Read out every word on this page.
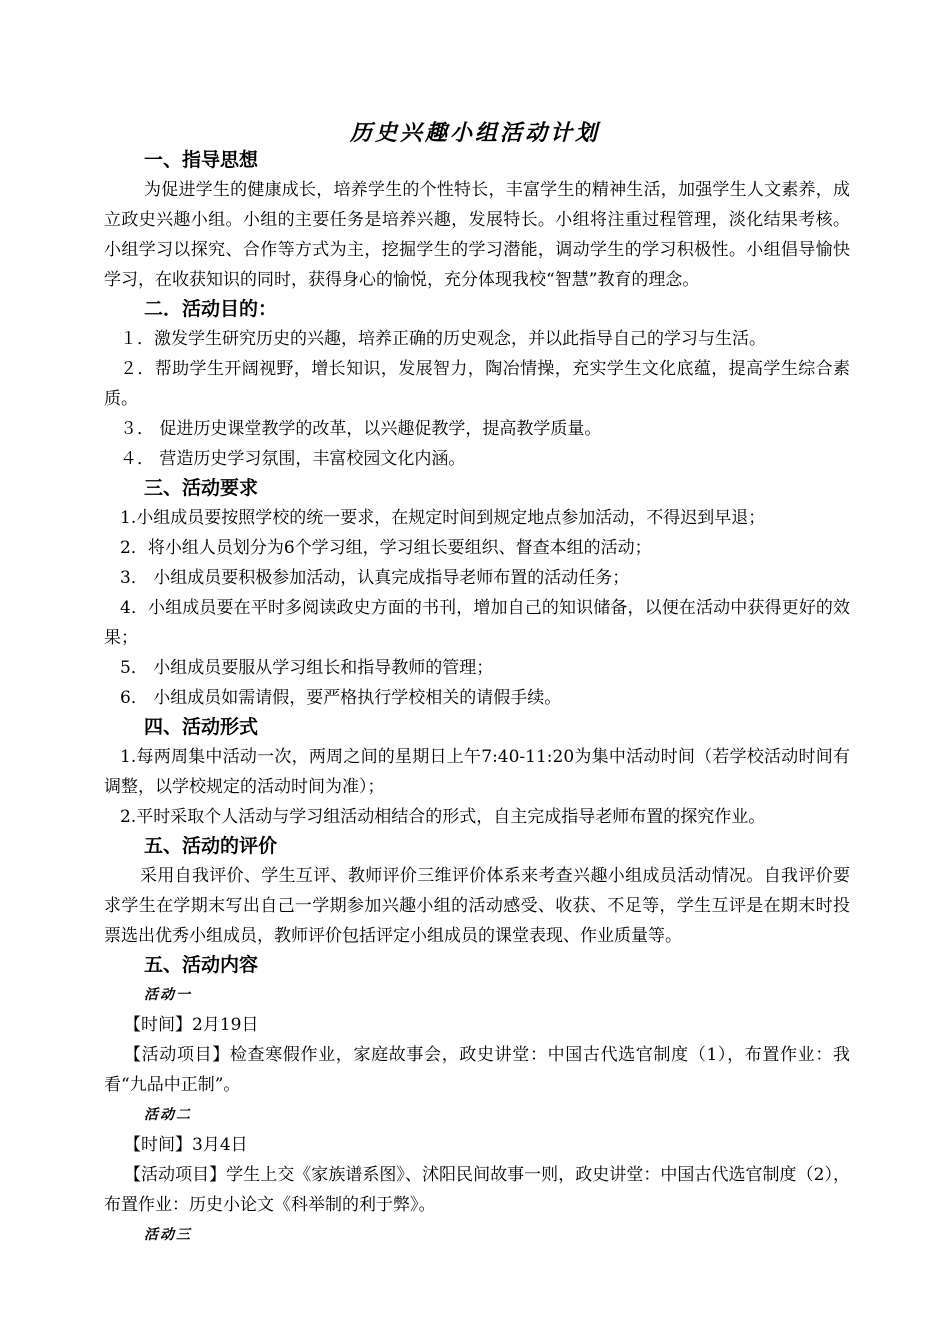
历史兴趣小组活动计划
一、指导思想
为促进学生的健康成长，培养学生的个性特长，丰富学生的精神生活，加强学生人文素养，成立政史兴趣小组。小组的主要任务是培养兴趣，发展特长。小组将注重过程管理，淡化结果考核。小组学习以探究、合作等方式为主，挖掘学生的学习潜能，调动学生的学习积极性。小组倡导愉快学习，在收获知识的同时，获得身心的愉悦，充分体现我校“智慧”教育的理念。
二．活动目的：
１．激发学生研究历史的兴趣，培养正确的历史观念，并以此指导自己的学习与生活。
２．帮助学生开阔视野，增长知识，发展智力，陶冶情操，充实学生文化底蕴，提高学生综合素质。
３． 促进历史课堂教学的改革，以兴趣促教学，提高教学质量。
４． 营造历史学习氛围，丰富校园文化内涵。
三、活动要求
1.小组成员要按照学校的统一要求，在规定时间到规定地点参加活动，不得迟到早退；
2．将小组人员划分为6个学习组，学习组长要组织、督查本组的活动；
3． 小组成员要积极参加活动，认真完成指导老师布置的活动任务；
4．小组成员要在平时多阅读政史方面的书刊，增加自己的知识储备，以便在活动中获得更好的效果；
5． 小组成员要服从学习组长和指导教师的管理；
6． 小组成员如需请假，要严格执行学校相关的请假手续。
四、活动形式
1.每两周集中活动一次，两周之间的星期日上午7:40-11:20为集中活动时间（若学校活动时间有调整，以学校规定的活动时间为准）；
2.平时采取个人活动与学习组活动相结合的形式，自主完成指导老师布置的探究作业。
五、活动的评价
采用自我评价、学生互评、教师评价三维评价体系来考查兴趣小组成员活动情况。自我评价要求学生在学期末写出自己一学期参加兴趣小组的活动感受、收获、不足等，学生互评是在期末时投票选出优秀小组成员，教师评价包括评定小组成员的课堂表现、作业质量等。
五、活动内容
活动一
【时间】2月19日
【活动项目】检查寒假作业，家庭故事会，政史讲堂：中国古代选官制度（1），布置作业：我看“九品中正制”。
活动二
【时间】3月4日
【活动项目】学生上交《家族谱系图》、沭阳民间故事一则，政史讲堂：中国古代选官制度（2），布置作业：历史小论文《科举制的利于弊》。
活动三
